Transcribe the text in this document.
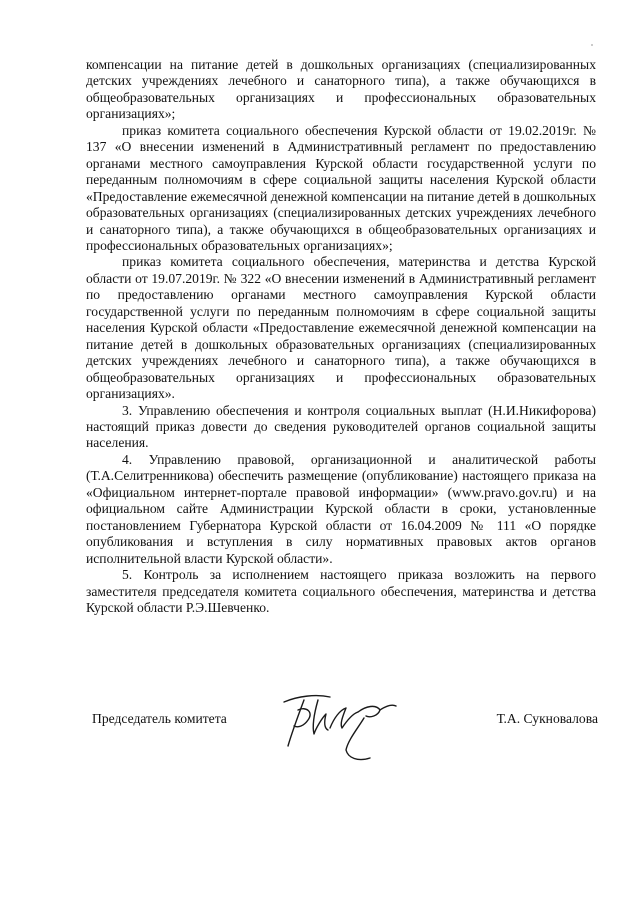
компенсации на питание детей в дошкольных организациях (специализированных детских учреждениях лечебного и санаторного типа), а также обучающихся в общеобразовательных организациях и профессиональных образовательных организациях»;

приказ комитета социального обеспечения Курской области от 19.02.2019г. № 137 «О внесении изменений в Административный регламент по предоставлению органами местного самоуправления Курской области государственной услуги по переданным полномочиям в сфере социальной защиты населения Курской области «Предоставление ежемесячной денежной компенсации на питание детей в дошкольных образовательных организациях (специализированных детских учреждениях лечебного и санаторного типа), а также обучающихся в общеобразовательных организациях и профессиональных образовательных организациях»;

приказ комитета социального обеспечения, материнства и детства Курской области от 19.07.2019г. № 322 «О внесении изменений в Административный регламент по предоставлению органами местного самоуправления Курской области государственной услуги по переданным полномочиям в сфере социальной защиты населения Курской области «Предоставление ежемесячной денежной компенсации на питание детей в дошкольных образовательных организациях (специализированных детских учреждениях лечебного и санаторного типа), а также обучающихся в общеобразовательных организациях и профессиональных образовательных организациях».

3. Управлению обеспечения и контроля социальных выплат (Н.И.Никифорова) настоящий приказ довести до сведения руководителей органов социальной защиты населения.

4. Управлению правовой, организационной и аналитической работы (Т.А.Селитренникова) обеспечить размещение (опубликование) настоящего приказа на «Официальном интернет-портале правовой информации» (www.pravo.gov.ru) и на официальном сайте Администрации Курской области в сроки, установленные постановлением Губернатора Курской области от 16.04.2009 № 111 «О порядке опубликования и вступления в силу нормативных правовых актов органов исполнительной власти Курской области».

5. Контроль за исполнением настоящего приказа возложить на первого заместителя председателя комитета социального обеспечения, материнства и детства Курской области Р.Э.Шевченко.

Председатель комитета	Т.А. Сукновалова
